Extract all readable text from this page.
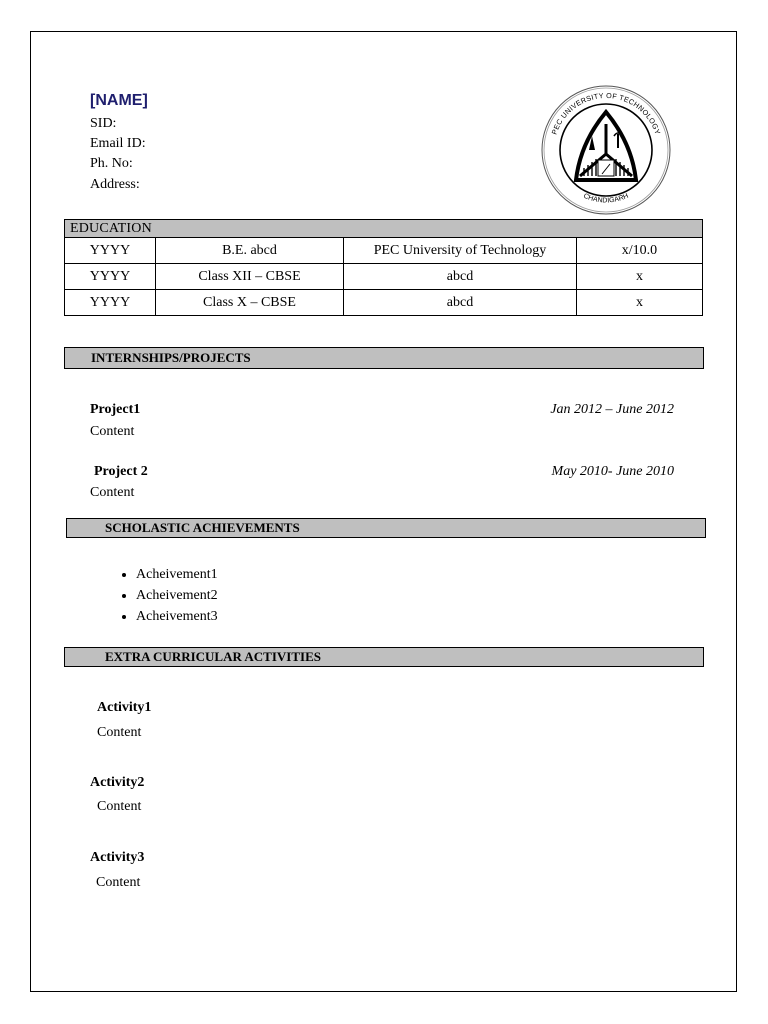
[NAME]
SID:
Email ID:
Ph. No:
Address:
PEC UNIVERSITY OF TECHNOLOGY
CHANDIGARH
EDUCATION			
YYYY	B.E. abcd	PEC University of Technology	x/10.0
YYYY	Class XII – CBSE	abcd	x
YYYY	Class X – CBSE	abcd	x
INTERNSHIPS/PROJECTS
Project1	Jan 2012 – June 2012
Content
Project 2	May 2010- June 2010
Content
SCHOLASTIC ACHIEVEMENTS
• Acheivement1
• Acheivement2
• Acheivement3
EXTRA CURRICULAR ACTIVITIES
Activity1
Content
Activity2
Content
Activity3
Content
